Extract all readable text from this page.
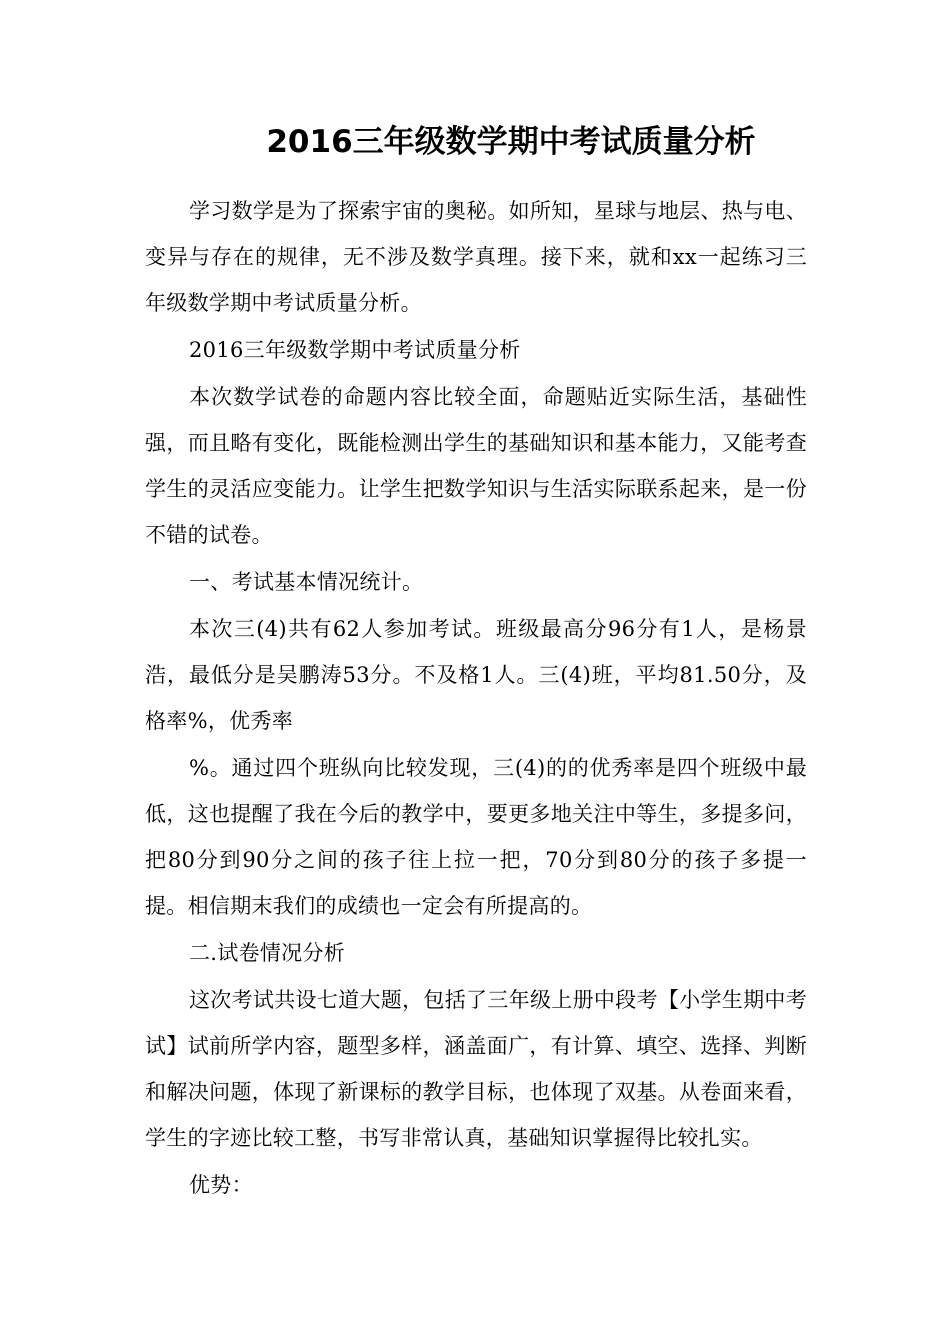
2016三年级数学期中考试质量分析

学习数学是为了探索宇宙的奥秘。如所知，星球与地层、热与电、变异与存在的规律，无不涉及数学真理。接下来，就和xx一起练习三年级数学期中考试质量分析。

2016三年级数学期中考试质量分析

本次数学试卷的命题内容比较全面，命题贴近实际生活，基础性强，而且略有变化，既能检测出学生的基础知识和基本能力，又能考查学生的灵活应变能力。让学生把数学知识与生活实际联系起来，是一份不错的试卷。

一、考试基本情况统计。

本次三(4)共有62人参加考试。班级最高分96分有1人，是杨景浩，最低分是吴鹏涛53分。不及格1人。三(4)班，平均81.50分，及格率%，优秀率

%。通过四个班纵向比较发现，三(4)的的优秀率是四个班级中最低，这也提醒了我在今后的教学中，要更多地关注中等生，多提多问，把80分到90分之间的孩子往上拉一把，70分到80分的孩子多提一提。相信期末我们的成绩也一定会有所提高的。

二.试卷情况分析

这次考试共设七道大题，包括了三年级上册中段考【小学生期中考试】试前所学内容，题型多样，涵盖面广，有计算、填空、选择、判断和解决问题，体现了新课标的教学目标，也体现了双基。从卷面来看，学生的字迹比较工整，书写非常认真，基础知识掌握得比较扎实。

优势：
